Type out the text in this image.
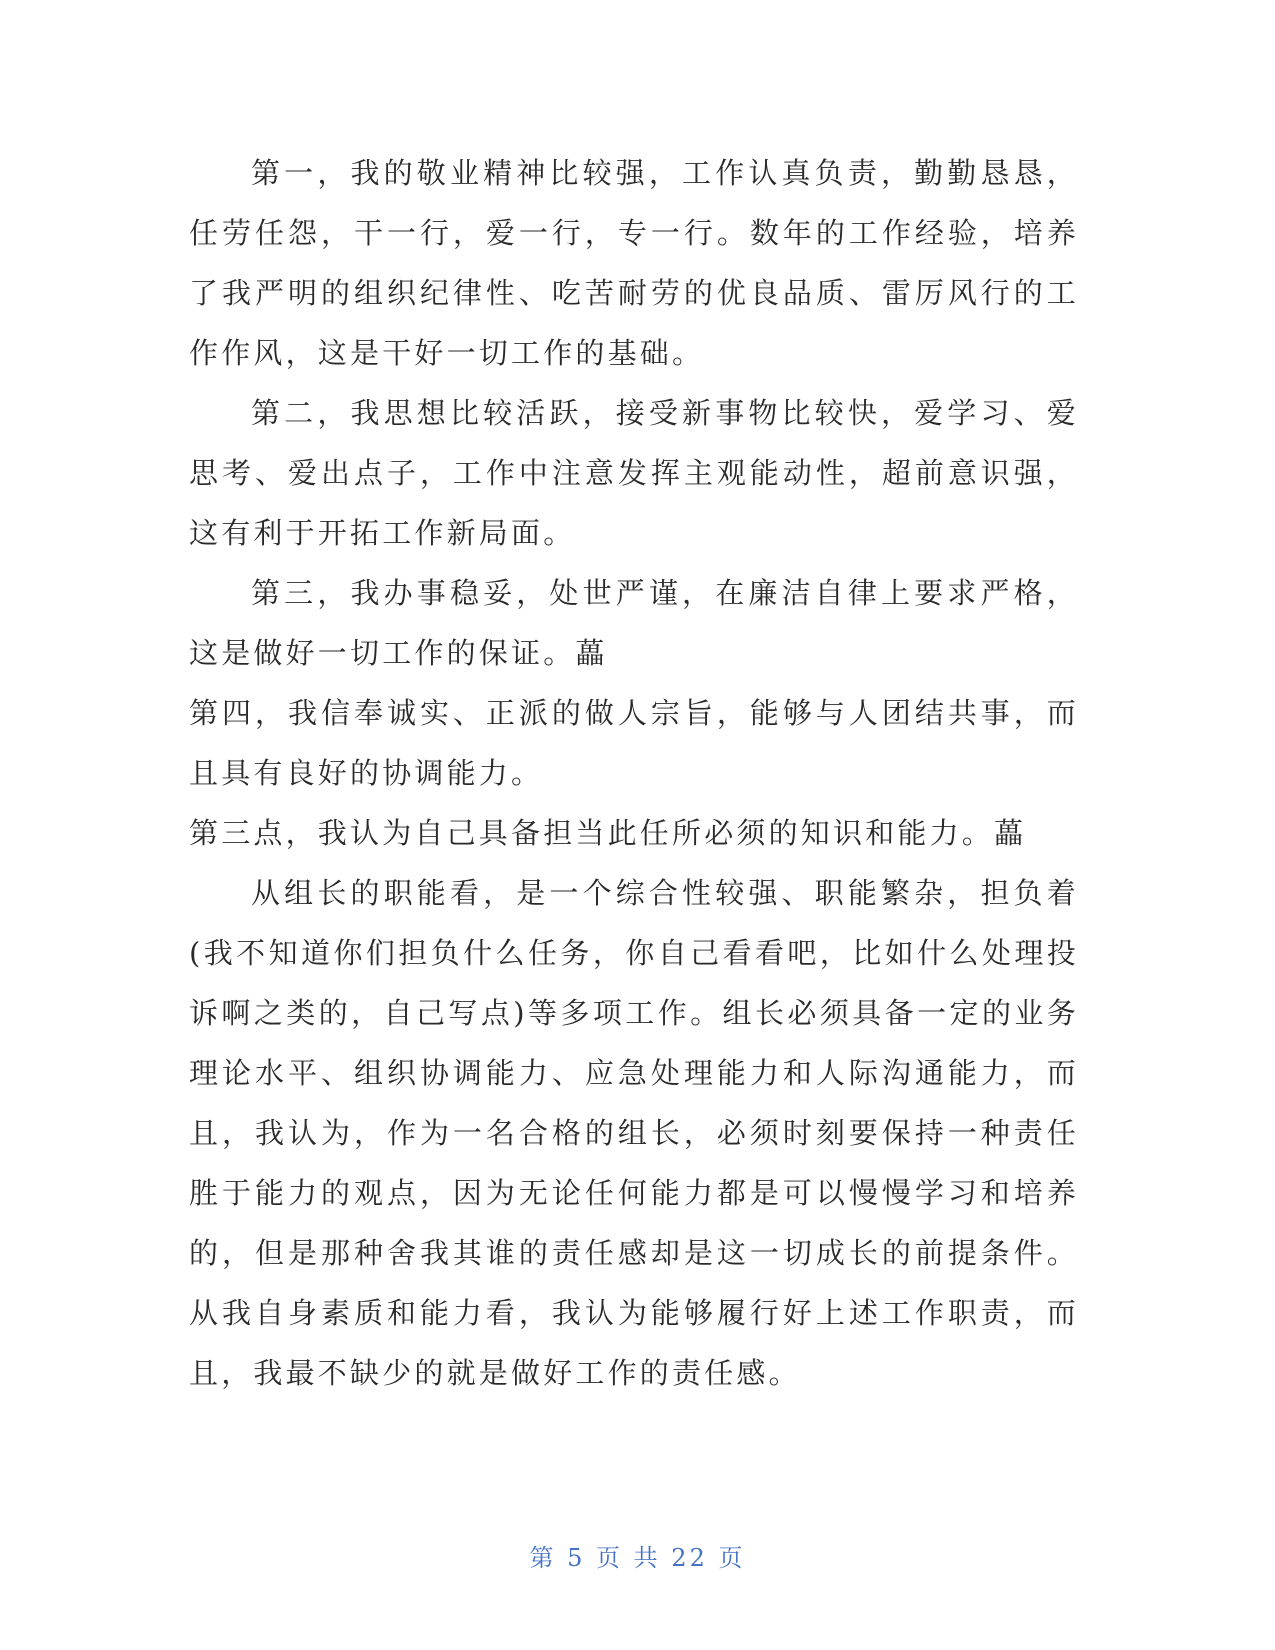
第一，我的敬业精神比较强，工作认真负责，勤勤恳恳，任劳任怨，干一行，爱一行，专一行。数年的工作经验，培养了我严明的组织纪律性、吃苦耐劳的优良品质、雷厉风行的工作作风，这是干好一切工作的基础。

第二，我思想比较活跃，接受新事物比较快，爱学习、爱思考、爱出点子，工作中注意发挥主观能动性，超前意识强，这有利于开拓工作新局面。

第三，我办事稳妥，处世严谨，在廉洁自律上要求严格，这是做好一切工作的保证。藟

第四，我信奉诚实、正派的做人宗旨，能够与人团结共事，而且具有良好的协调能力。

第三点，我认为自己具备担当此任所必须的知识和能力。藟

从组长的职能看，是一个综合性较强、职能繁杂，担负着(我不知道你们担负什么任务，你自己看看吧，比如什么处理投诉啊之类的，自己写点)等多项工作。组长必须具备一定的业务理论水平、组织协调能力、应急处理能力和人际沟通能力，而且，我认为，作为一名合格的组长，必须时刻要保持一种责任胜于能力的观点，因为无论任何能力都是可以慢慢学习和培养的，但是那种舍我其谁的责任感却是这一切成长的前提条件。从我自身素质和能力看，我认为能够履行好上述工作职责，而且，我最不缺少的就是做好工作的责任感。

第 5 页 共 22 页
